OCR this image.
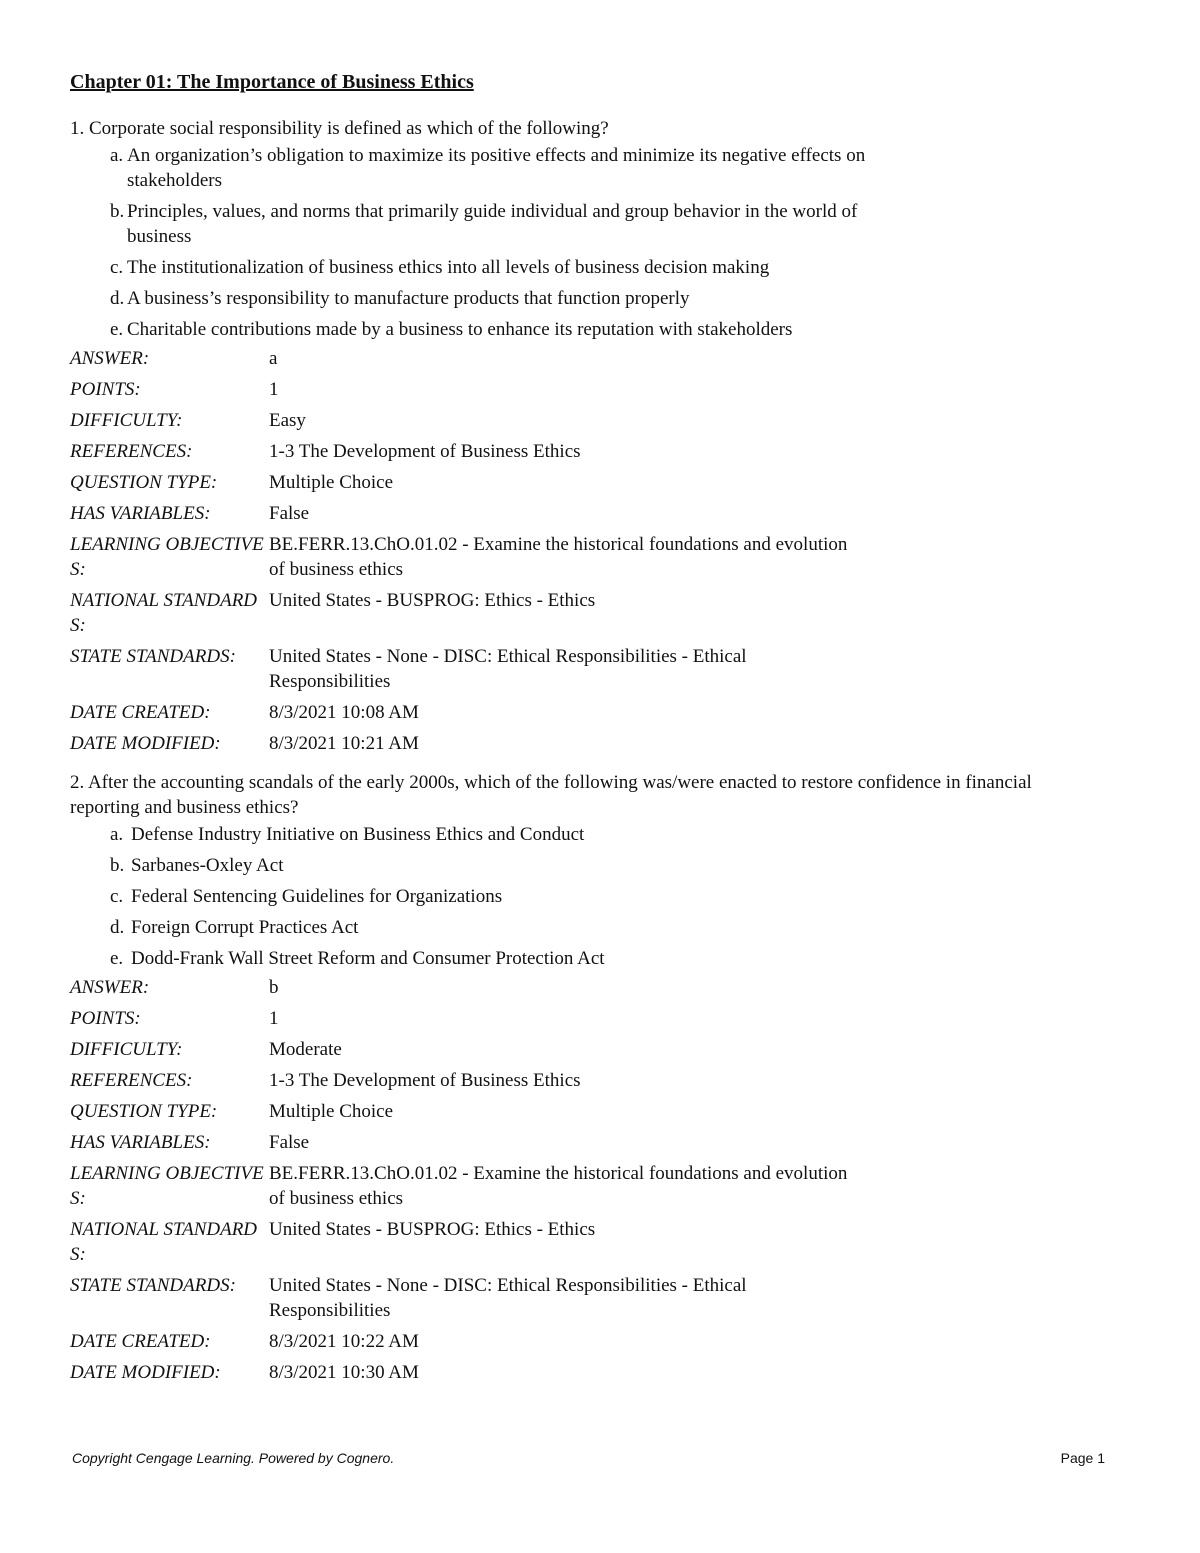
Chapter 01: The Importance of Business Ethics
1. Corporate social responsibility is defined as which of the following?
a. An organization’s obligation to maximize its positive effects and minimize its negative effects on stakeholders
b. Principles, values, and norms that primarily guide individual and group behavior in the world of business
c. The institutionalization of business ethics into all levels of business decision making
d. A business’s responsibility to manufacture products that function properly
e. Charitable contributions made by a business to enhance its reputation with stakeholders
ANSWER:	a
POINTS:	1
DIFFICULTY:	Easy
REFERENCES:	1-3 The Development of Business Ethics
QUESTION TYPE:	Multiple Choice
HAS VARIABLES:	False
LEARNING OBJECTIVES:
BE.FERR.13.ChO.01.02 - Examine the historical foundations and evolution of business ethics
NATIONAL STANDARDS:
United States - BUSPROG: Ethics - Ethics
STATE STANDARDS:	United States - None - DISC: Ethical Responsibilities - Ethical Responsibilities
DATE CREATED:	8/3/2021 10:08 AM
DATE MODIFIED:	8/3/2021 10:21 AM
2. After the accounting scandals of the early 2000s, which of the following was/were enacted to restore confidence in financial reporting and business ethics?
a. Defense Industry Initiative on Business Ethics and Conduct
b. Sarbanes-Oxley Act
c. Federal Sentencing Guidelines for Organizations
d. Foreign Corrupt Practices Act
e. Dodd-Frank Wall Street Reform and Consumer Protection Act
ANSWER:	b
POINTS:	1
DIFFICULTY:	Moderate
REFERENCES:	1-3 The Development of Business Ethics
QUESTION TYPE:	Multiple Choice
HAS VARIABLES:	False
LEARNING OBJECTIVES:
BE.FERR.13.ChO.01.02 - Examine the historical foundations and evolution of business ethics
NATIONAL STANDARDS:
United States - BUSPROG: Ethics - Ethics
STATE STANDARDS:	United States - None - DISC: Ethical Responsibilities - Ethical Responsibilities
DATE CREATED:	8/3/2021 10:22 AM
DATE MODIFIED:	8/3/2021 10:30 AM
Copyright Cengage Learning. Powered by Cognero.	Page 1
